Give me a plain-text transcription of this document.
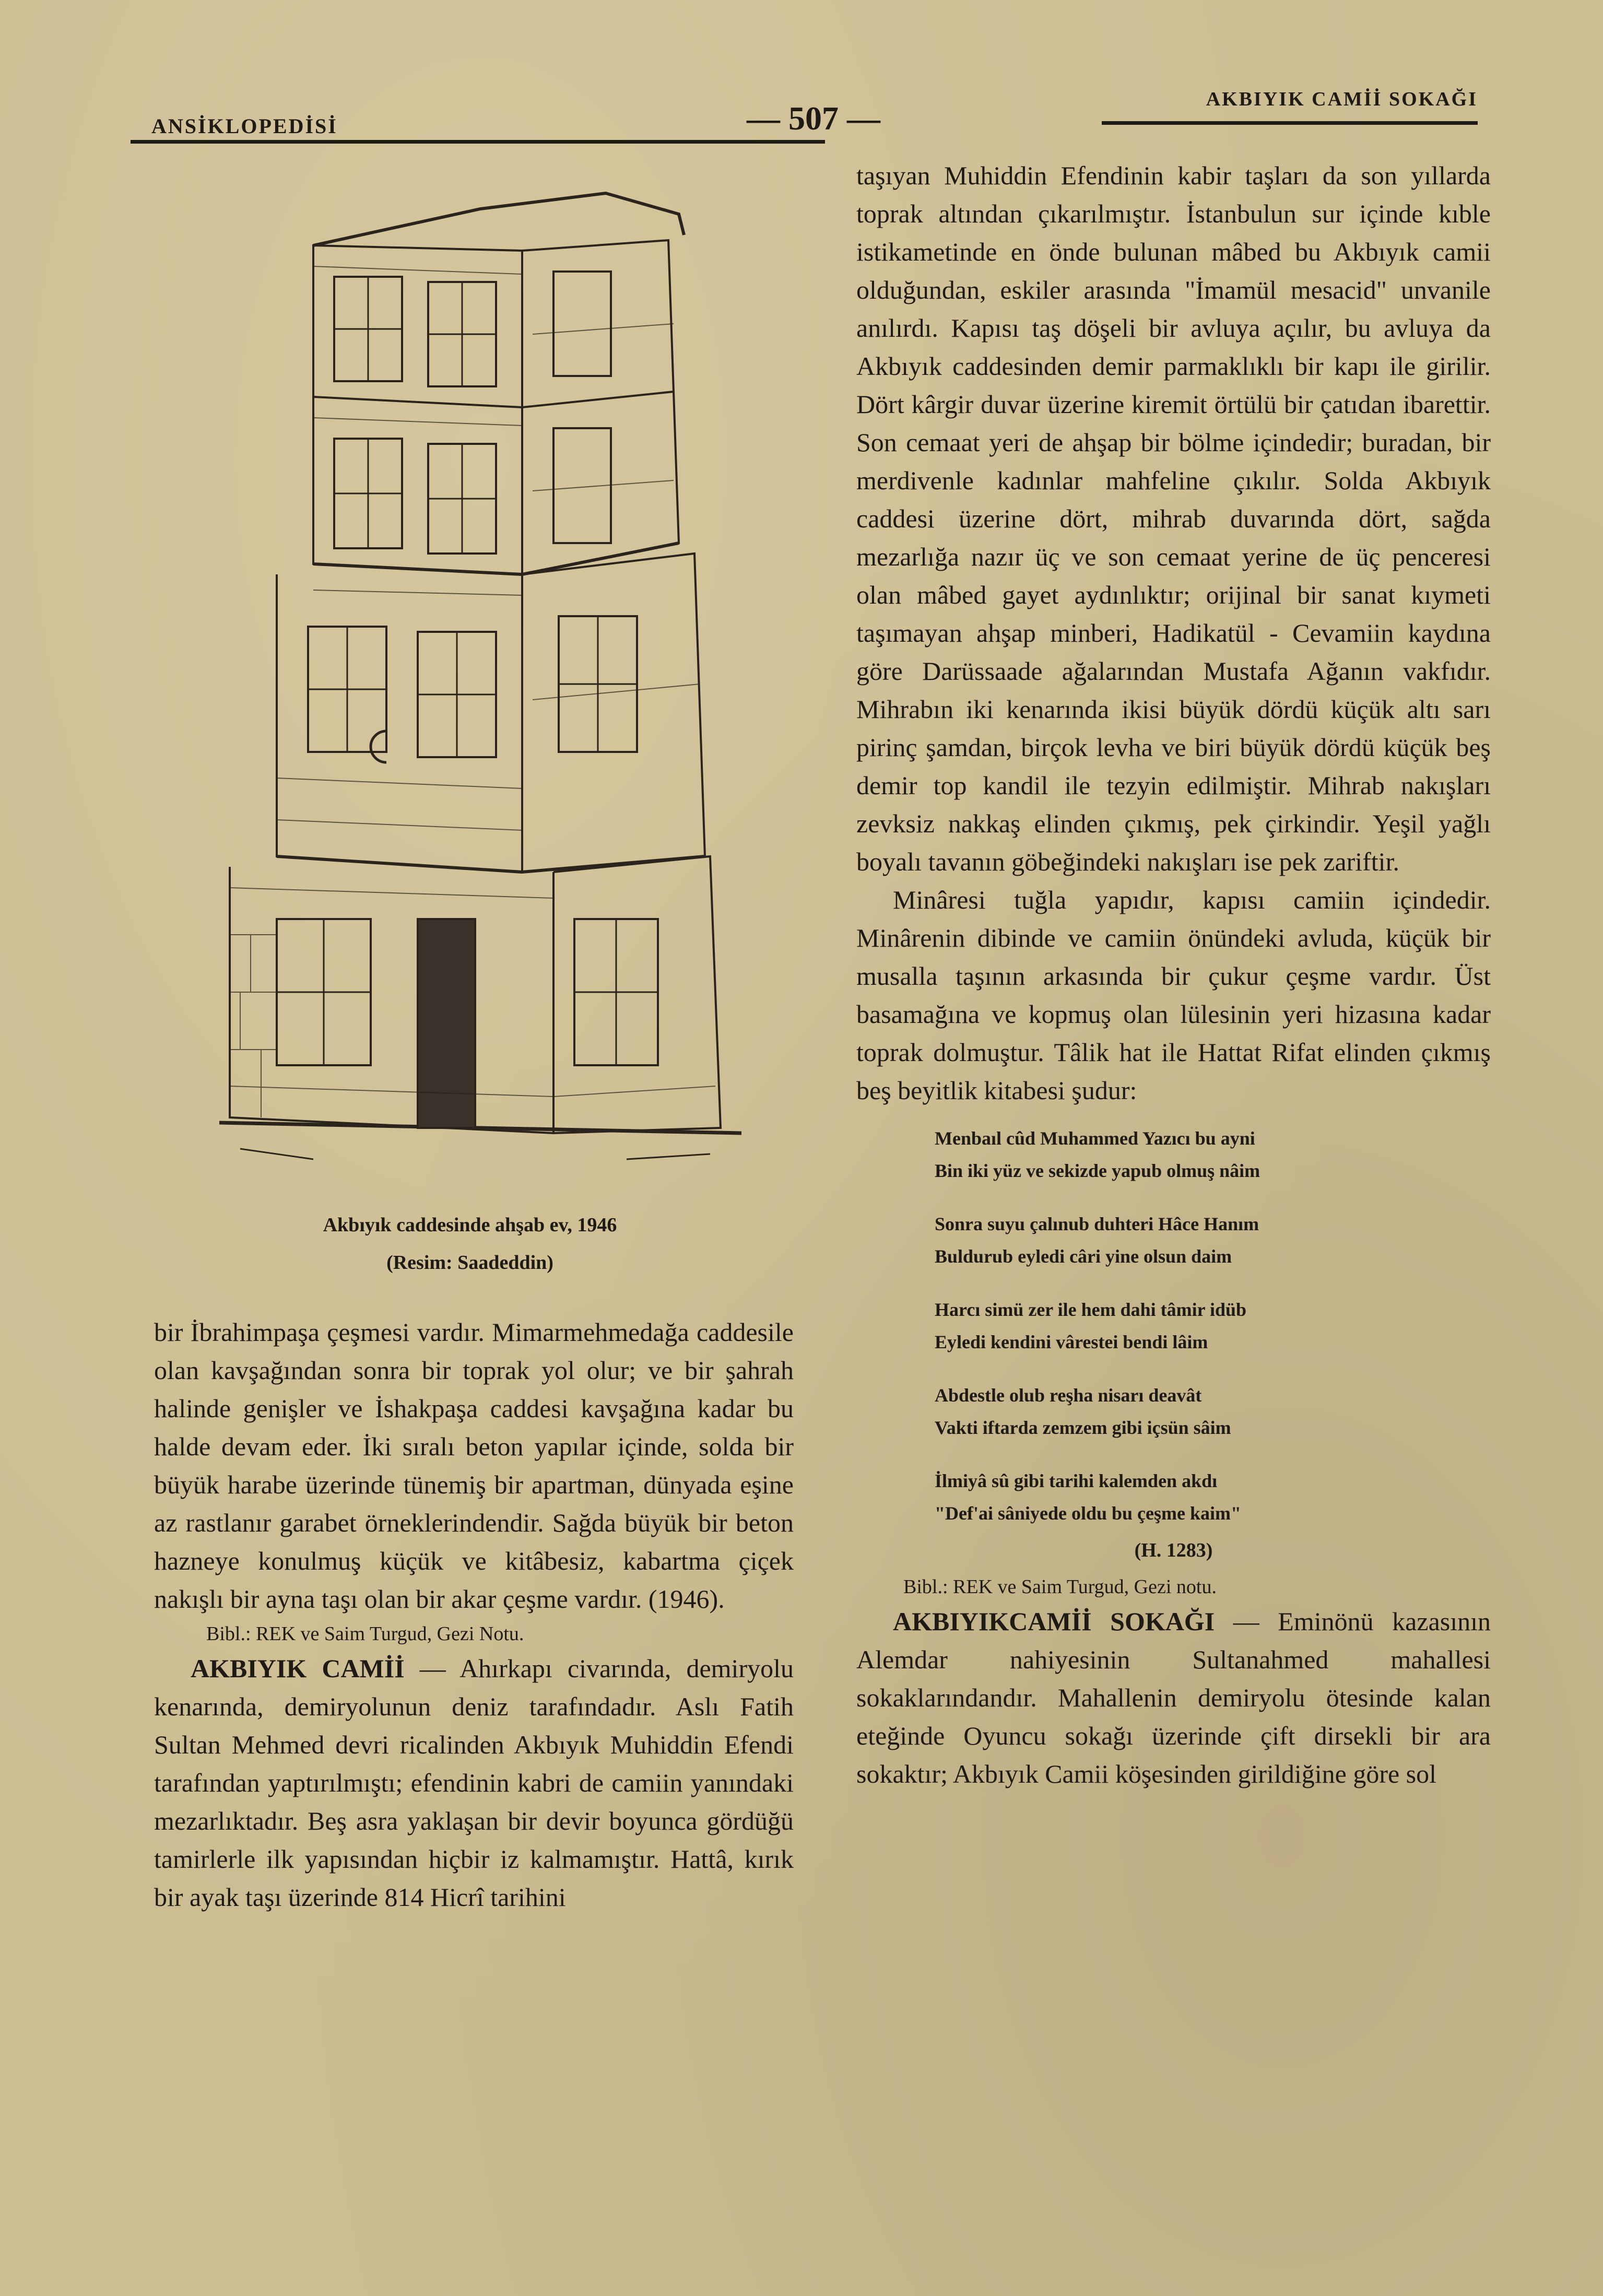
ANSİKLOPEDİSİ	— 507 —
AKBIYIK CAMİİ SOKAĞI
Akbıyık caddesinde ahşab ev, 1946
(Resim: Saadeddin)

bir İbrahimpaşa çeşmesi vardır. Mimarmehmedağa caddesile olan kavşağından sonra bir toprak yol olur; ve bir şahrah halinde genişler ve İshakpaşa caddesi kavşağına kadar bu halde devam eder. İki sıralı beton yapılar içinde, solda bir büyük harabe üzerinde tünemiş bir apartman, dünyada eşine az rastlanır garabet örneklerindendir. Sağda büyük bir beton hazneye konulmuş küçük ve kitâbesiz, kabartma çiçek nakışlı bir ayna taşı olan bir akar çeşme vardır. (1946).

Bibl.: REK ve Saim Turgud, Gezi Notu.

AKBIYIK CAMİİ — Ahırkapı civarında, demiryolu kenarında, demiryolunun deniz tarafındadır. Aslı Fatih Sultan Mehmed devri ricalinden Akbıyık Muhiddin Efendi tarafından yaptırılmıştı; efendinin kabri de camiin yanındaki mezarlıktadır. Beş asra yaklaşan bir devir boyunca gördüğü tamirlerle ilk yapısından hiçbir iz kalmamıştır. Hattâ, kırık bir ayak taşı üzerinde 814 Hicrî tarihini

taşıyan Muhiddin Efendinin kabir taşları da son yıllarda toprak altından çıkarılmıştır. İstanbulun sur içinde kıble istikametinde en önde bulunan mâbed bu Akbıyık camii olduğundan, eskiler arasında "İmamül mesacid" unvanile anılırdı. Kapısı taş döşeli bir avluya açılır, bu avluya da Akbıyık caddesinden demir parmaklıklı bir kapı ile girilir. Dört kârgir duvar üzerine kiremit örtülü bir çatıdan ibarettir. Son cemaat yeri de ahşap bir bölme içindedir; buradan, bir merdivenle kadınlar mahfeline çıkılır. Solda Akbıyık caddesi üzerine dört, mihrab duvarında dört, sağda mezarlığa nazır üç ve son cemaat yerine de üç penceresi olan mâbed gayet aydınlıktır; orijinal bir sanat kıymeti taşımayan ahşap minberi, Hadikatül - Cevamiin kaydına göre Darüssaade ağalarından Mustafa Ağanın vakfıdır. Mihrabın iki kenarında ikisi büyük dördü küçük altı sarı pirinç şamdan, birçok levha ve biri büyük dördü küçük beş demir top kandil ile tezyin edilmiştir. Mihrab nakışları zevksiz nakkaş elinden çıkmış, pek çirkindir. Yeşil yağlı boyalı tavanın göbeğindeki nakışları ise pek zariftir.

Minâresi tuğla yapıdır, kapısı camiin içindedir. Minârenin dibinde ve camiin önündeki avluda, küçük bir musalla taşının arkasında bir çukur çeşme vardır. Üst basamağına ve kopmuş olan lülesinin yeri hizasına kadar toprak dolmuştur. Tâlik hat ile Hattat Rifat elinden çıkmış beş beyitlik kitabesi şudur:

Menbaıl cûd Muhammed Yazıcı bu ayni
Bin iki yüz ve sekizde yapub olmuş nâim
Sonra suyu çalınub duhteri Hâce Hanım
Buldurub eyledi câri yine olsun daim
Harcı simü zer ile hem dahi tâmir idüb
Eyledi kendini vârestei bendi lâim
Abdestle olub reşha nisarı deavât
Vakti iftarda zemzem gibi içsün sâim
İlmiyâ sû gibi tarihi kalemden akdı
"Def'ai sâniyede oldu bu çeşme kaim"
(H. 1283)

Bibl.: REK ve Saim Turgud, Gezi notu.

AKBIYIKCAMİİ SOKAĞI — Eminönü kazasının Alemdar nahiyesinin Sultanahmed mahallesi sokaklarındandır. Mahallenin demiryolu ötesinde kalan eteğinde Oyuncu sokağı üzerinde çift dirsekli bir ara sokaktır; Akbıyık Camii köşesinden girildiğine göre sol
